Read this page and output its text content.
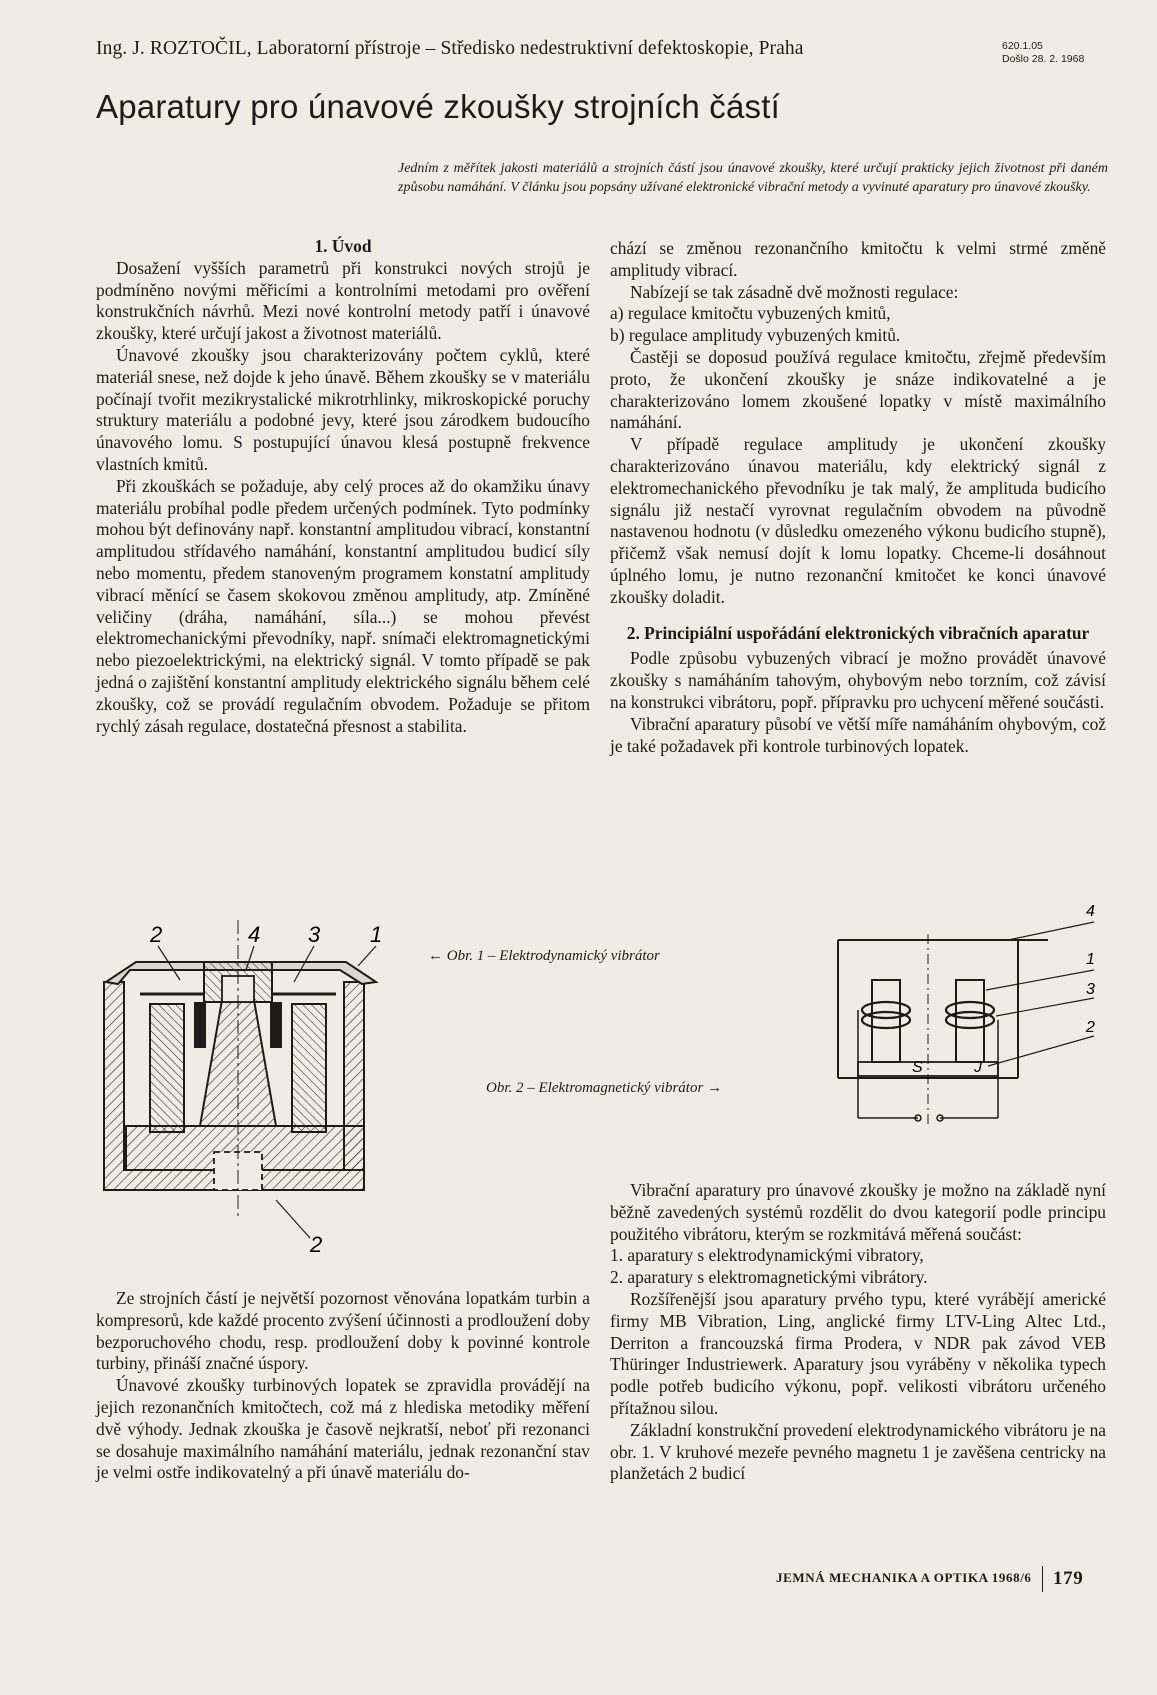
Ing. J. ROZTOČIL, Laboratorní přístroje – Středisko nedestruktivní defektoskopie, Praha	620.1.05
Došlo 28. 2. 1968
Aparatury pro únavové zkoušky strojních částí
Jedním z měřítek jakosti materiálů a strojních částí jsou únavové zkoušky, které určují prakticky jejich životnost při daném způsobu namáhání. V článku jsou popsány užívané elektronické vibrační metody a vyvinuté aparatury pro únavové zkoušky.
1. Úvod

Dosažení vyšších parametrů při konstrukci nových strojů je podmíněno novými měřicími a kontrolními metodami pro ověření konstrukčních návrhů. Mezi nové kontrolní metody patří i únavové zkoušky, které určují jakost a životnost materiálů.

Únavové zkoušky jsou charakterizovány počtem cyklů, které materiál snese, než dojde k jeho únavě. Během zkoušky se v materiálu počínají tvořit mezikrystalické mikrotrhlinky, mikroskopické poruchy struktury materiálu a podobné jevy, které jsou zárodkem budoucího únavového lomu. S postupující únavou klesá postupně frekvence vlastních kmitů.

Při zkouškách se požaduje, aby celý proces až do okamžiku únavy materiálu probíhal podle předem určených podmínek. Tyto podmínky mohou být definovány např. konstantní amplitudou vibrací, konstantní amplitudou střídavého namáhání, konstantní amplitudou budicí síly nebo momentu, předem stanoveným programem konstatní amplitudy vibrací měnící se časem skokovou změnou amplitudy, atp. Zmíněné veličiny (dráha, namáhání, síla...) se mohou převést elektromechanickými převodníky, např. snímači elektromagnetickými nebo piezoelektrickými, na elektrický signál. V tomto případě se pak jedná o zajištění konstantní amplitudy elektrického signálu během celé zkoušky, což se provádí regulačním obvodem. Požaduje se přitom rychlý zásah regulace, dostatečná přesnost a stabilita.

chází se změnou rezonančního kmitočtu k velmi strmé změně amplitudy vibrací.

Nabízejí se tak zásadně dvě možnosti regulace:

a) regulace kmitočtu vybuzených kmitů,

b) regulace amplitudy vybuzených kmitů.

Častěji se doposud používá regulace kmitočtu, zřejmě především proto, že ukončení zkoušky je snáze indikovatelné a je charakterizováno lomem zkoušené lopatky v místě maximálního namáhání.

V případě regulace amplitudy je ukončení zkoušky charakterizováno únavou materiálu, kdy elektrický signál z elektromechanického převodníku je tak malý, že amplituda budicího signálu již nestačí vyrovnat regulačním obvodem na původně nastavenou hodnotu (v důsledku omezeného výkonu budicího stupně), přičemž však nemusí dojít k lomu lopatky. Chceme-li dosáhnout úplného lomu, je nutno rezonanční kmitočet ke konci únavové zkoušky doladit.

2. Principiální uspořádání elektronických vibračních aparatur

Podle způsobu vybuzených vibrací je možno provádět únavové zkoušky s namáháním tahovým, ohybovým nebo torzním, což závisí na konstrukci vibrátoru, popř. přípravku pro uchycení měřené součásti.

Vibrační aparatury působí ve větší míře namáháním ohybovým, což je také požadavek při kontrole turbinových lopatek.

2	4 3 1
2
← Obr. 1 – Elektrodynamický vibrátor
Obr. 2 – Elektromagnetický vibrátor →
4
1
3
2
S	J

Ze strojních částí je největší pozornost věnována lopatkám turbin a kompresorů, kde každé procento zvýšení účinnosti a prodloužení doby bezporuchového chodu, resp. prodloužení doby k povinné kontrole turbiny, přináší značné úspory.

Únavové zkoušky turbinových lopatek se zpravidla provádějí na jejich rezonančních kmitočtech, což má z hlediska metodiky měření dvě výhody. Jednak zkouška je časově nejkratší, neboť při rezonanci se dosahuje maximálního namáhání materiálu, jednak rezonanční stav je velmi ostře indikovatelný a při únavě materiálu do-

Vibrační aparatury pro únavové zkoušky je možno na základě nyní běžně zavedených systémů rozdělit do dvou kategorií podle principu použitého vibrátoru, kterým se rozkmitává měřená součást:

1. aparatury s elektrodynamickými vibratory,

2. aparatury s elektromagnetickými vibrátory.

Rozšířenější jsou aparatury prvého typu, které vyrábějí americké firmy MB Vibration, Ling, anglické firmy LTV-Ling Altec Ltd., Derriton a francouzská firma Prodera, v NDR pak závod VEB Thüringer Industriewerk. Aparatury jsou vyráběny v několika typech podle potřeb budicího výkonu, popř. velikosti vibrátoru určeného přítažnou silou.

Základní konstrukční provedení elektrodynamického vibrátoru je na obr. 1. V kruhové mezeře pevného magnetu 1 je zavěšena centricky na planžetách 2 budicí

JEMNÁ MECHANIKA A OPTIKA 1968/6 179
